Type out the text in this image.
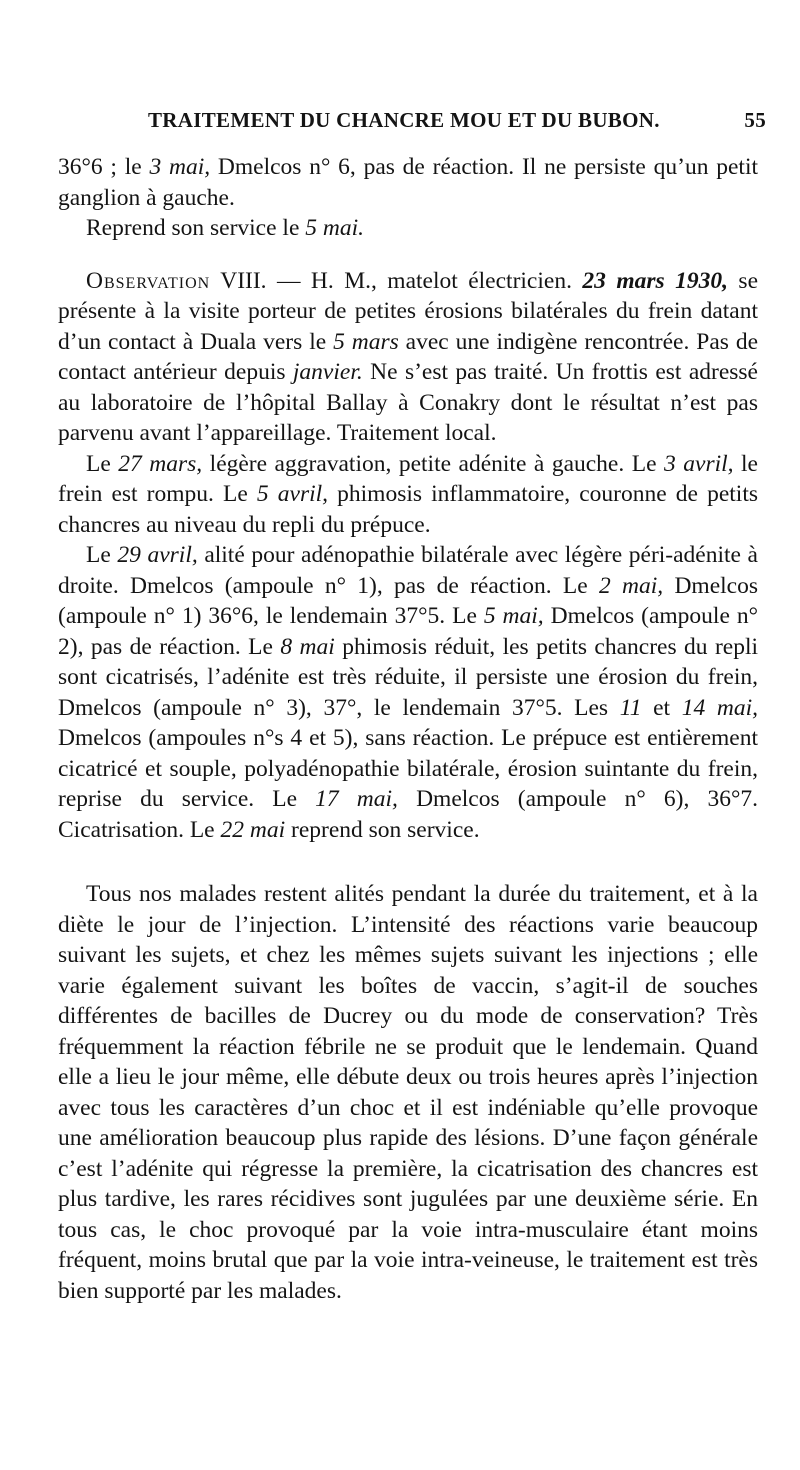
TRAITEMENT DU CHANCRE MOU ET DU BUBON.	55

36°6 ; le 3 mai, Dmelcos n° 6, pas de réaction. Il ne persiste qu’un petit ganglion à gauche.

Reprend son service le 5 mai.

Observation VIII. — H. M., matelot électricien. 23 mars 1930, se présente à la visite porteur de petites érosions bilatérales du frein datant d’un contact à Duala vers le 5 mars avec une indigène rencontrée. Pas de contact antérieur depuis janvier. Ne s’est pas traité. Un frottis est adressé au laboratoire de l’hôpital Ballay à Conakry dont le résultat n’est pas parvenu avant l’appareillage. Traitement local.

Le 27 mars, légère aggravation, petite adénite à gauche. Le 3 avril, le frein est rompu. Le 5 avril, phimosis inflammatoire, couronne de petits chancres au niveau du repli du prépuce.

Le 29 avril, alité pour adénopathie bilatérale avec légère péri-adénite à droite. Dmelcos (ampoule n° 1), pas de réaction. Le 2 mai, Dmelcos (ampoule n° 1) 36°6, le lendemain 37°5. Le 5 mai, Dmelcos (ampoule n° 2), pas de réaction. Le 8 mai phimosis réduit, les petits chancres du repli sont cicatrisés, l’adénite est très réduite, il persiste une érosion du frein, Dmelcos (ampoule n° 3), 37°, le lendemain 37°5. Les 11 et 14 mai, Dmelcos (ampoules n°s 4 et 5), sans réaction. Le prépuce est entièrement cicatricé et souple, polyadénopathie bilatérale, érosion suintante du frein, reprise du service. Le 17 mai, Dmelcos (ampoule n° 6), 36°7. Cicatrisation. Le 22 mai reprend son service.

Tous nos malades restent alités pendant la durée du traitement, et à la diète le jour de l’injection. L’intensité des réactions varie beaucoup suivant les sujets, et chez les mêmes sujets suivant les injections ; elle varie également suivant les boîtes de vaccin, s’agit-il de souches différentes de bacilles de Ducrey ou du mode de conservation? Très fréquemment la réaction fébrile ne se produit que le lendemain. Quand elle a lieu le jour même, elle débute deux ou trois heures après l’injection avec tous les caractères d’un choc et il est indéniable qu’elle provoque une amélioration beaucoup plus rapide des lésions. D’une façon générale c’est l’adénite qui régresse la première, la cicatrisation des chancres est plus tardive, les rares récidives sont jugulées par une deuxième série. En tous cas, le choc provoqué par la voie intra-musculaire étant moins fréquent, moins brutal que par la voie intra-veineuse, le traitement est très bien supporté par les malades.
